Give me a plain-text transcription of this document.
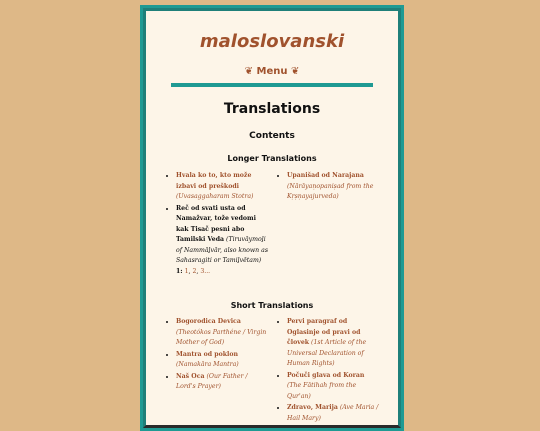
maloslovanski
❦ Menu ❦
Translations
Contents
Longer Translations
• Hvala ko to, kto može izbavi od preškodi (Uvasaggaharam Stotra)
• Reč od svati usta od Namažvar, tože vedomi kak Tisač pesni abo Tamilski Veda (Tiruvāymoḻi of Nammāḻvār, also known as Sahasragiti or Tamiḻvētam)
1: 1, 2, 3...
• Upanišad od Narajana (Nārāyaṇopaniṣad from the Kṛṣṇayajurveda)
Short Translations
• Bogorodica Devica (Theotókos Parthéne / Virgin Mother of God)
• Mantra od poklon (Namakāra Mantra)
• Naš Oca (Our Father / Lord's Prayer)
• Pervi paragraf od Oglasinje od pravi od človek (1st Article of the Universal Declaration of Human Rights)
• Počuči glava od Koran (The Fātihah from the Qur'an)
• Zdravo, Marija (Ave Maria / Hail Mary)
